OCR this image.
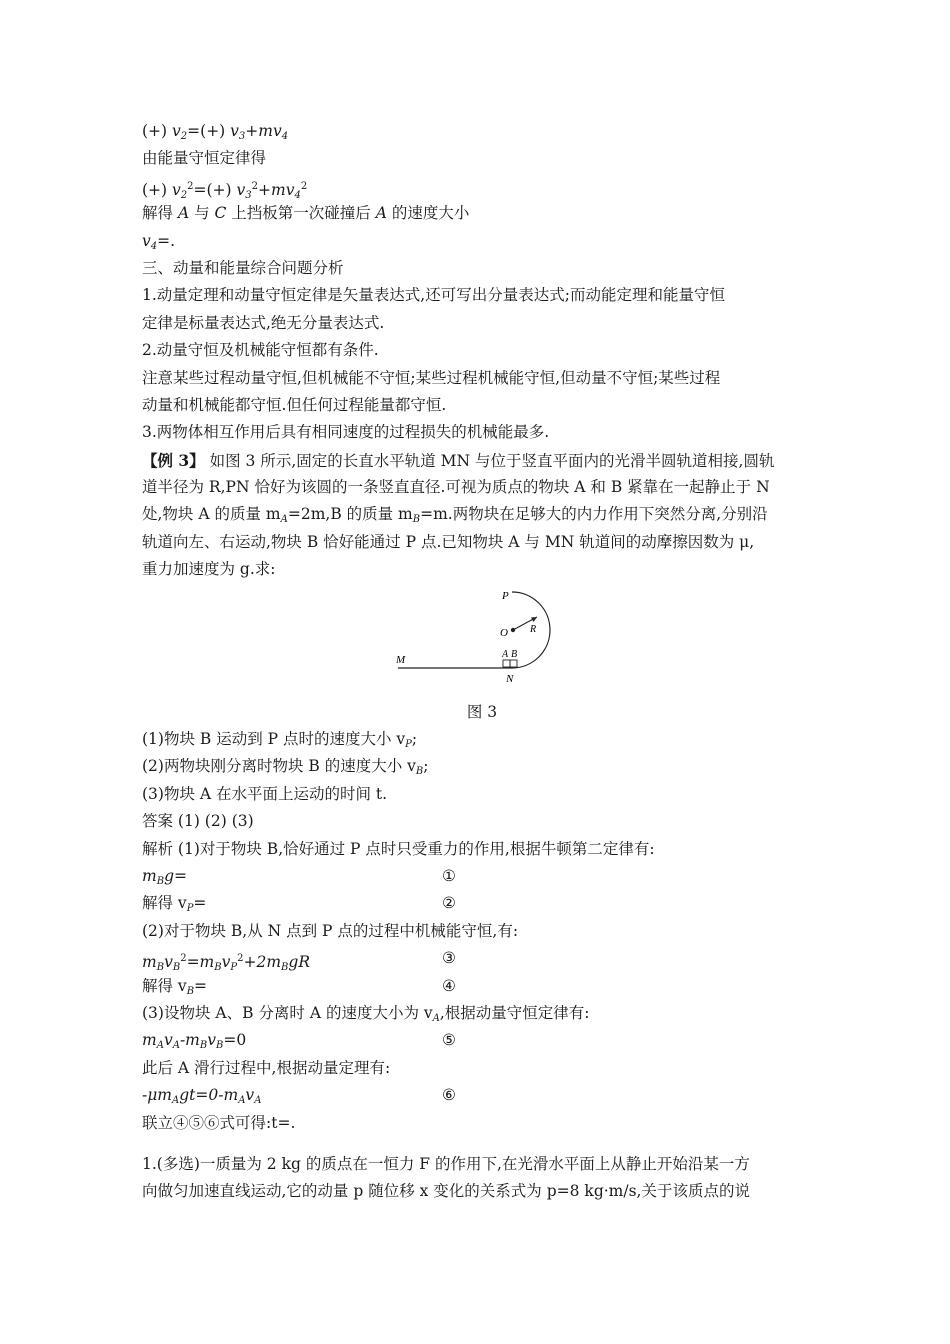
(+) $v_2=(+)$ $v_3+mv_4$
由能量守恒定律得
(+) $v_2^2=(+)$ $v_3^2+mv_4^2$
解得 A 与 C 上挡板第一次碰撞后 A 的速度大小
$v_4=$.
三、动量和能量综合问题分析
1.动量定理和动量守恒定律是矢量表达式,还可写出分量表达式;而动能定理和能量守恒
定律是标量表达式,绝无分量表达式.
2.动量守恒及机械能守恒都有条件.
注意某些过程动量守恒,但机械能不守恒;某些过程机械能守恒,但动量不守恒;某些过程
动量和机械能都守恒.但任何过程能量都守恒.
3.两物体相互作用后具有相同速度的过程损失的机械能最多.
【例 3】 如图 3 所示,固定的长直水平轨道 MN 与位于竖直平面内的光滑半圆轨道相接,圆轨
道半径为 R,PN 恰好为该圆的一条竖直直径.可视为质点的物块 A 和 B 紧靠在一起静止于 N
处,物块 A 的质量 $m_A=2m,B$ 的质量 $m_B=m$.两物块在足够大的内力作用下突然分离,分别沿
轨道向左、右运动,物块 B 恰好能通过 P 点.已知物块 A 与 MN 轨道间的动摩擦因数为 μ,
重力加速度为 g.求:
P
O R
A B
M
N
图 3
(1)物块 B 运动到 P 点时的速度大小 $v_P$;
(2)两物块刚分离时物块 B 的速度大小 $v_B$;
(3)物块 A 在水平面上运动的时间 t.
答案 (1) (2) (3)
解析 (1)对于物块 B,恰好通过 P 点时只受重力的作用,根据牛顿第二定律有:
$m_Bg=$	①
解得 $v_P=$	②
(2)对于物块 B,从 N 点到 P 点的过程中机械能守恒,有:
$m_Bv_B^2=m_Bv_P^2+2m_BgR$	③
解得 $v_B=$	④
(3)设物块 A、B 分离时 A 的速度大小为 $v_A$,根据动量守恒定律有:
$m_Av_A-m_Bv_B=0$	⑤
此后 A 滑行过程中,根据动量定理有:
$-\mu m_Agt=0-m_Av_A$	⑥
联立④⑤⑥式可得:t=.
1.(多选)一质量为 2 kg 的质点在一恒力 F 的作用下,在光滑水平面上从静止开始沿某一方
向做匀加速直线运动,它的动量 p 随位移 x 变化的关系式为 p=8 kg·m/s,关于该质点的说
